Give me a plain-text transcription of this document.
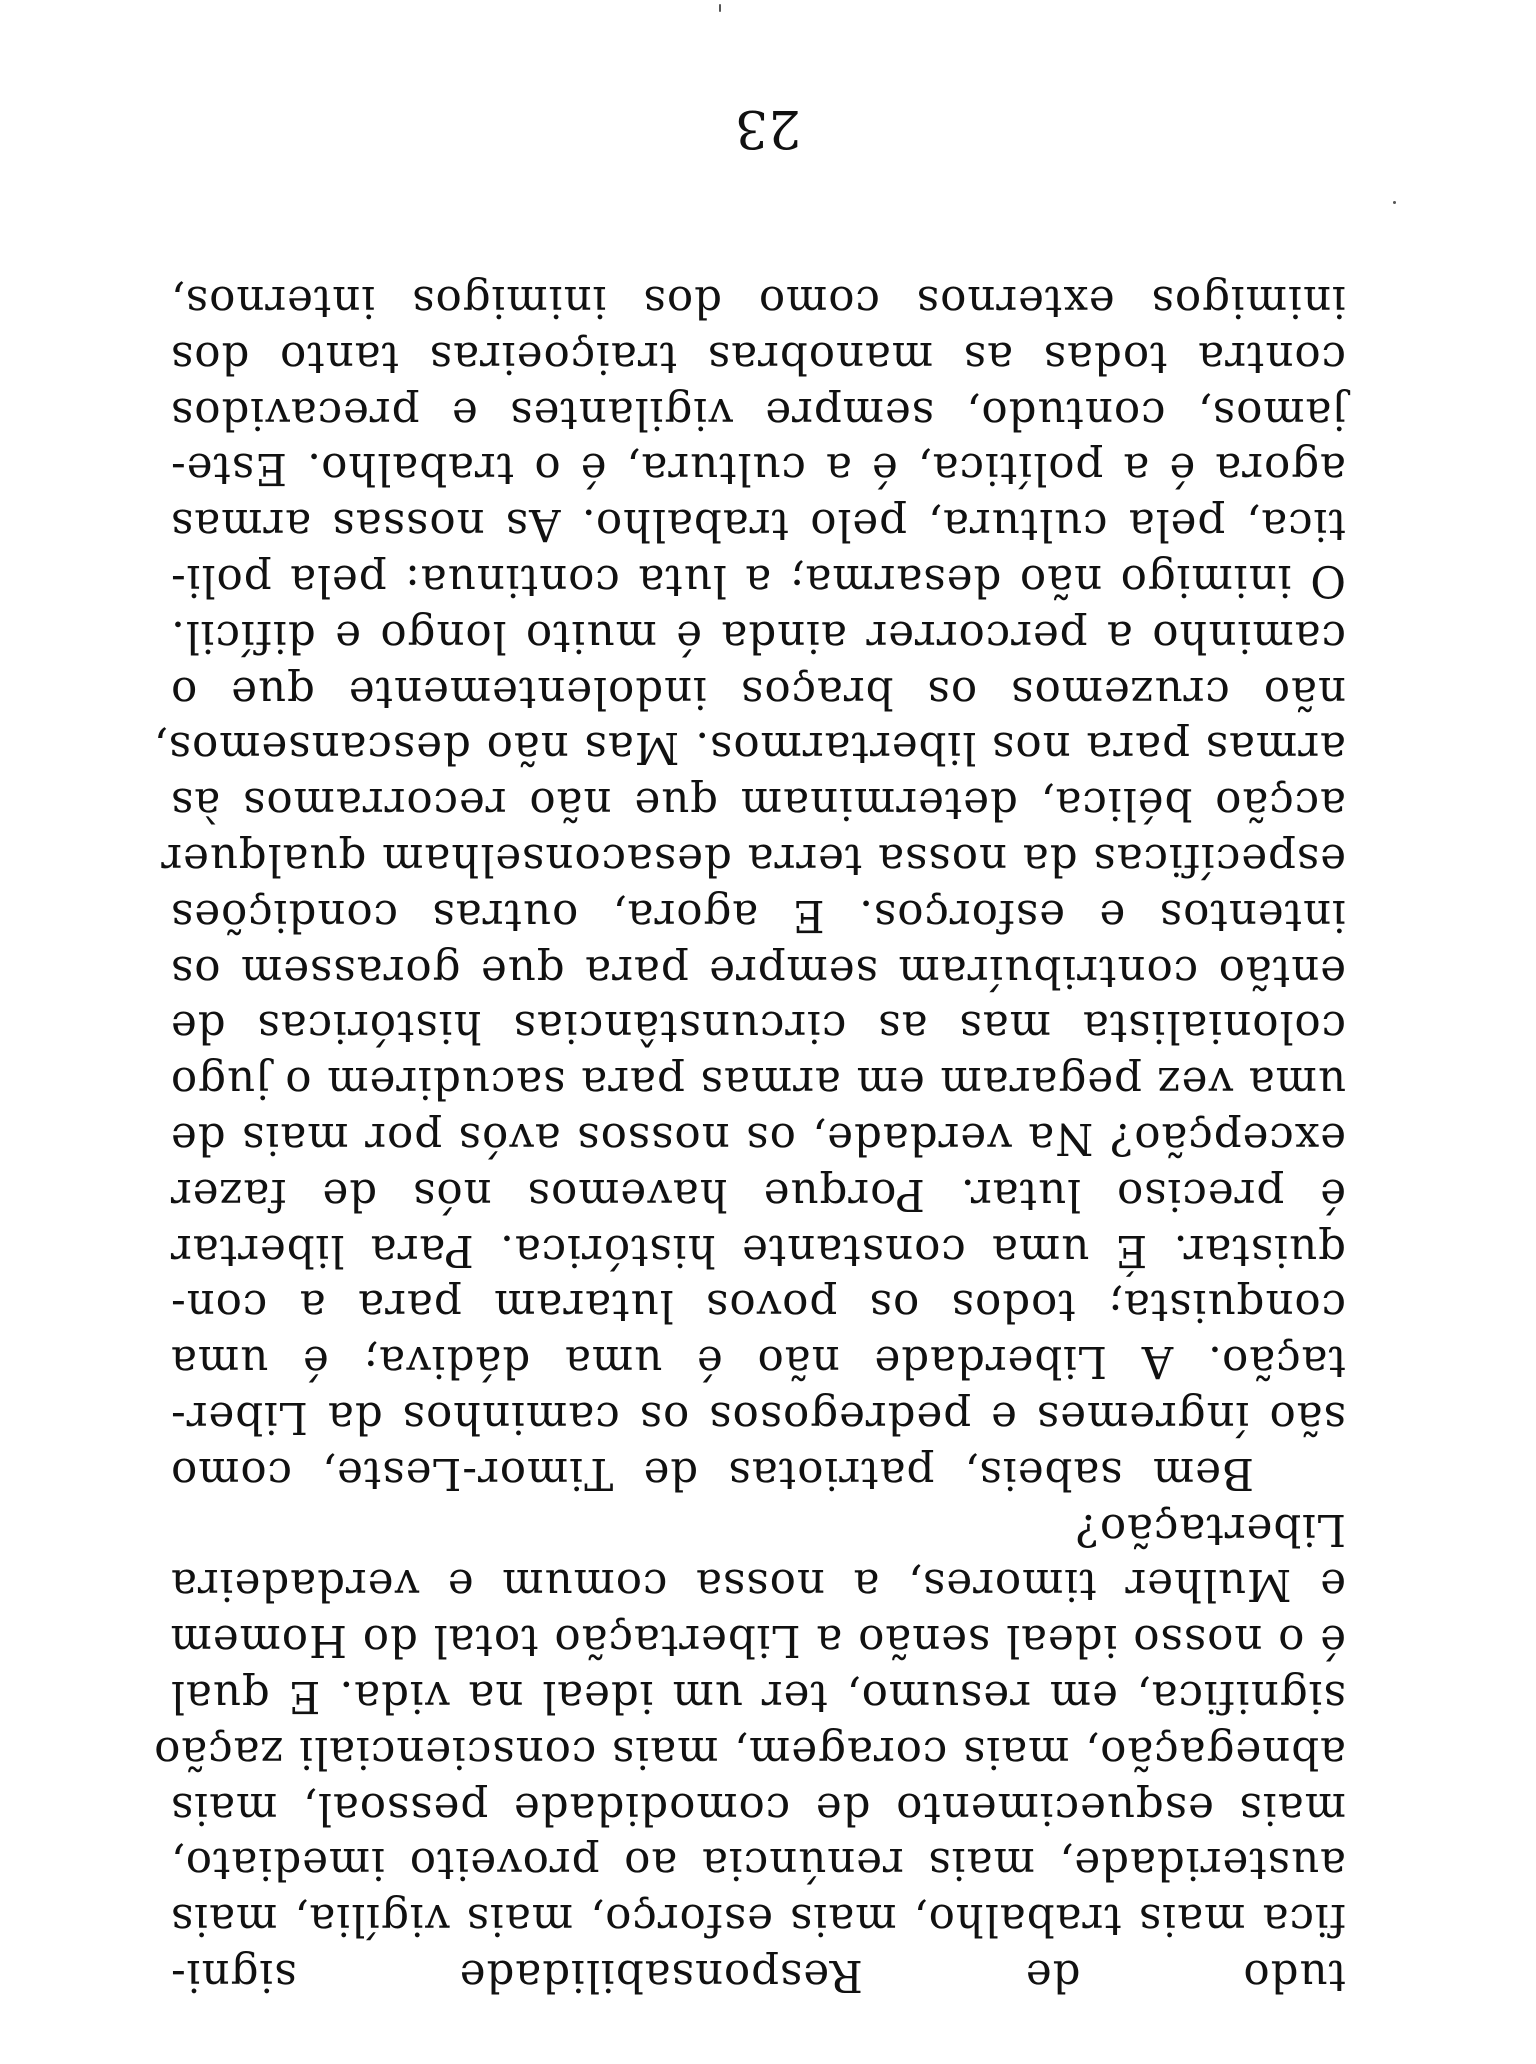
tudo de Responsabilidade signi-
fica mais trabalho, mais esforço, mais vigília, mais
austeridade, mais renúncia ao proveito imediato,
mais esquecimento de comodidade pessoal, mais
abnegação, mais coragem, mais conscienciali zação
significa, em resumo, ter um ideal na vida. E qual
é o nosso ideal senão a Libertação total do Homem
e Mulher timores, a nossa comum e verdadeira
Libertação?
Bem sabeis, patriotas de Timor-Leste, como
são íngremes e pedregosos os caminhos da Liber-
tação. A Liberdade não é uma dádiva; é uma
conquista; todos os povos lutaram para a con-
quistar. É uma constante histórica. Para libertar
é preciso lutar. Porque havemos nós de fazer
excepção? Na verdade, os nossos avós por mais de
uma vez pegaram em armas para sacudirem o jugo
colonialista mas as circunstâncias históricas de
então contribuíram sempre para que gorassem os
intentos e esforços. E agora, outras condições
específicas da nossa terra desaconselham qualquer
acção bélica, determinam que não recorramos às
armas para nos libertarmos. Mas não descansemos,
não cruzemos os braços indolentemente que o
caminho a percorrer ainda é muito longo e difícil.
O inimigo não desarma; a luta continua: pela poli-
tica, pela cultura, pelo trabalho. As nossas armas
agora é a política, é a cultura, é o trabalho. Este-
jamos, contudo, sempre vigilantes e precavidos
contra todas as manobras traiçoeiras tanto dos
inimigos externos como dos inimigos internos,
23
